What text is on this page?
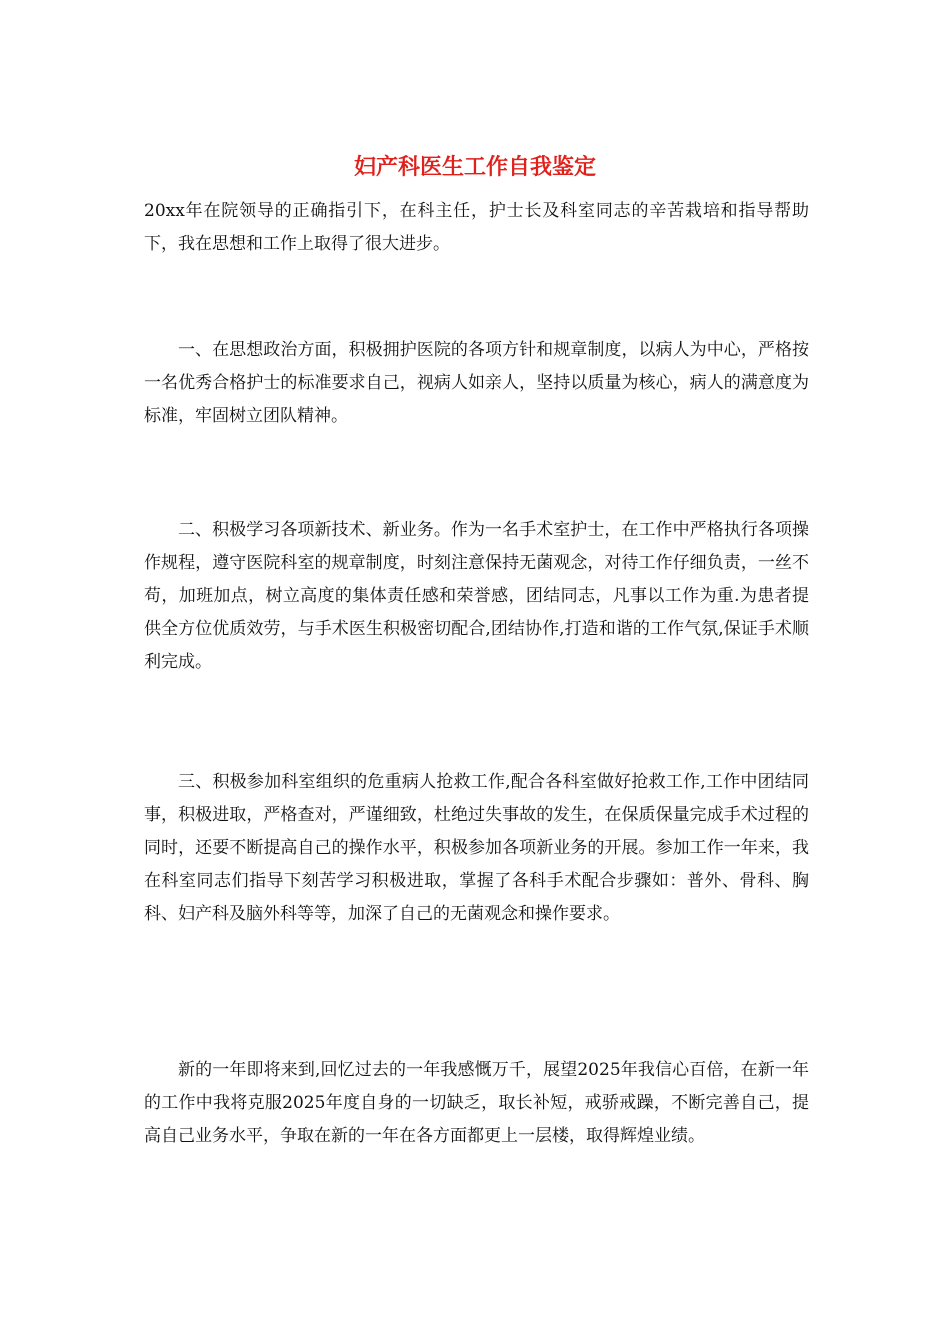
妇产科医生工作自我鉴定

20xx年在院领导的正确指引下，在科主任，护士长及科室同志的辛苦栽培和指导帮助下，我在思想和工作上取得了很大进步。

一、在思想政治方面，积极拥护医院的各项方针和规章制度，以病人为中心，严格按一名优秀合格护士的标准要求自己，视病人如亲人，坚持以质量为核心，病人的满意度为标准，牢固树立团队精神。

二、积极学习各项新技术、新业务。作为一名手术室护士，在工作中严格执行各项操作规程，遵守医院科室的规章制度，时刻注意保持无菌观念，对待工作仔细负责，一丝不苟，加班加点，树立高度的集体责任感和荣誉感，团结同志，凡事以工作为重.为患者提供全方位优质效劳，与手术医生积极密切配合,团结协作,打造和谐的工作气氛,保证手术顺利完成。

三、积极参加科室组织的危重病人抢救工作,配合各科室做好抢救工作,工作中团结同事，积极进取，严格查对，严谨细致，杜绝过失事故的发生，在保质保量完成手术过程的同时，还要不断提高自己的操作水平，积极参加各项新业务的开展。参加工作一年来，我在科室同志们指导下刻苦学习积极进取，掌握了各科手术配合步骤如：普外、骨科、胸科、妇产科及脑外科等等，加深了自己的无菌观念和操作要求。

新的一年即将来到,回忆过去的一年我感慨万千，展望2025年我信心百倍，在新一年的工作中我将克服2025年度自身的一切缺乏，取长补短，戒骄戒躁，不断完善自己，提高自己业务水平，争取在新的一年在各方面都更上一层楼，取得辉煌业绩。
